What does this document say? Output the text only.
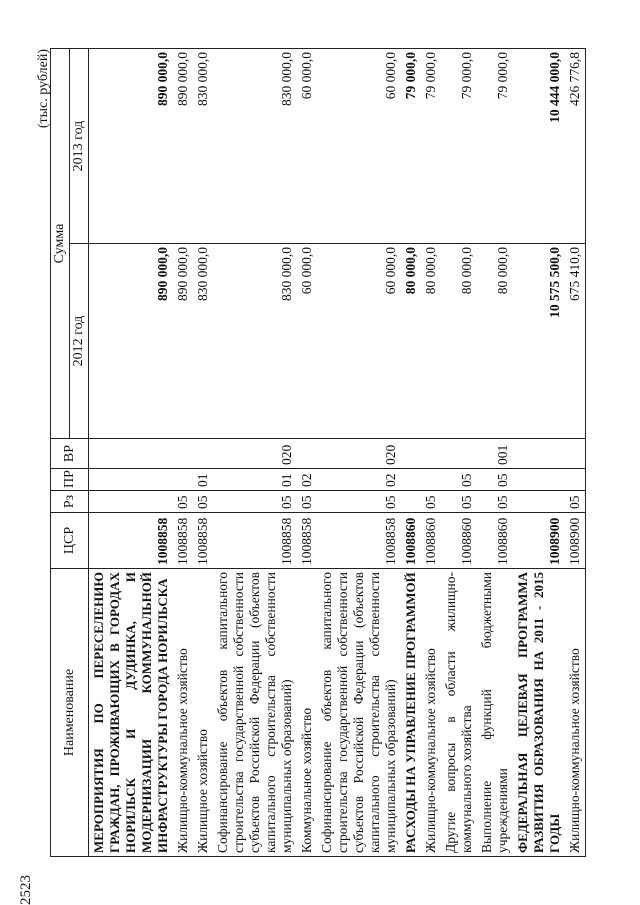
2523
(тыс. рублей)
Наименование	ЦСР	Рз	ПР	ВР	Сумма	
					2012 год	2013 год
МЕРОПРИЯТИЯ ПО ПЕРЕСЕЛЕНИЮ ГРАЖДАН, ПРОЖИВАЮЩИХ В ГОРОДАХ НОРИЛЬСК И ДУДИНКА, И МОДЕРНИЗАЦИИ КОММУНАЛЬНОЙ ИНФРАСТРУКТУРЫ ГОРОДА НОРИЛЬСКА	1008858				890 000,0	890 000,0
Жилищно-коммунальное хозяйство	1008858	05			890 000,0	890 000,0
Жилищное хозяйство	1008858	05	01		830 000,0	830 000,0
Софинансирование объектов капитального строительства государственной собственности субъектов Российской Федерации (объектов капитального строительства собственности муниципальных образований)	1008858	05	01	020	830 000,0	830 000,0
Коммунальное хозяйство	1008858	05	02		60 000,0	60 000,0
Софинансирование объектов капитального строительства государственной собственности субъектов Российской Федерации (объектов капитального строительства собственности муниципальных образований)	1008858	05	02	020	60 000,0	60 000,0
РАСХОДЫ НА УПРАВЛЕНИЕ ПРОГРАММОЙ	1008860				80 000,0	79 000,0
Жилищно-коммунальное хозяйство	1008860	05			80 000,0	79 000,0
Другие вопросы в области жилищно-коммунального хозяйства	1008860	05	05		80 000,0	79 000,0
Выполнение функций бюджетными учреждениями	1008860	05	05	001	80 000,0	79 000,0
ФЕДЕРАЛЬНАЯ ЦЕЛЕВАЯ ПРОГРАММА РАЗВИТИЯ ОБРАЗОВАНИЯ НА 2011 - 2015 ГОДЫ	1008900				10 575 500,0	10 444 000,0
Жилищно-коммунальное хозяйство	1008900	05			675 410,0	426 776,8
